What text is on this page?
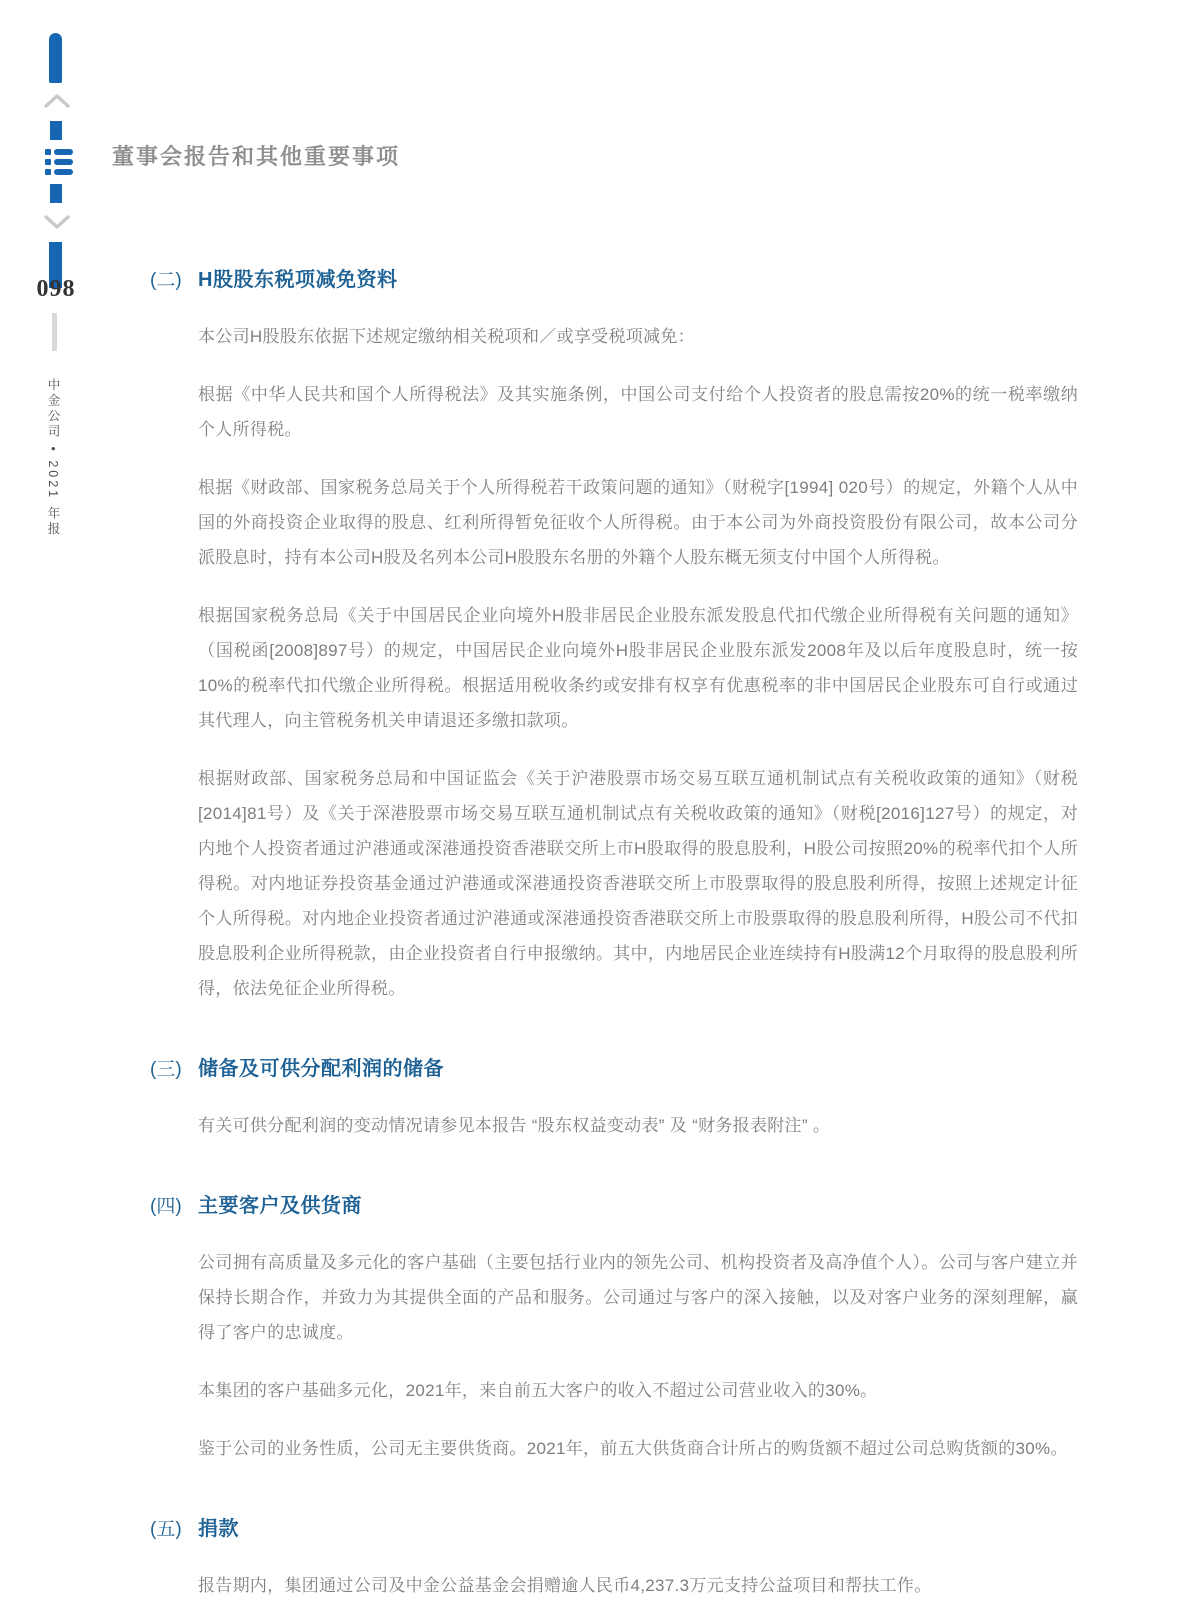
098
中金公司 • 2021 年报
董事会报告和其他重要事项
(二) H股股东税项减免资料

本公司H股股东依据下述规定缴纳相关税项和／或享受税项减免：

根据《中华人民共和国个人所得税法》及其实施条例，中国公司支付给个人投资者的股息需按20%的统一税率缴纳个人所得税。

根据《财政部、国家税务总局关于个人所得税若干政策问题的通知》（财税字[1994] 020号）的规定，外籍个人从中国的外商投资企业取得的股息、红利所得暂免征收个人所得税。由于本公司为外商投资股份有限公司，故本公司分派股息时，持有本公司H股及名列本公司H股股东名册的外籍个人股东概无须支付中国个人所得税。

根据国家税务总局《关于中国居民企业向境外H股非居民企业股东派发股息代扣代缴企业所得税有关问题的通知》（国税函[2008]897号）的规定，中国居民企业向境外H股非居民企业股东派发2008年及以后年度股息时，统一按10%的税率代扣代缴企业所得税。根据适用税收条约或安排有权享有优惠税率的非中国居民企业股东可自行或通过其代理人，向主管税务机关申请退还多缴扣款项。

根据财政部、国家税务总局和中国证监会《关于沪港股票市场交易互联互通机制试点有关税收政策的通知》（财税[2014]81号）及《关于深港股票市场交易互联互通机制试点有关税收政策的通知》（财税[2016]127号）的规定，对内地个人投资者通过沪港通或深港通投资香港联交所上市H股取得的股息股利，H股公司按照20%的税率代扣个人所得税。对内地证券投资基金通过沪港通或深港通投资香港联交所上市股票取得的股息股利所得，按照上述规定计征个人所得税。对内地企业投资者通过沪港通或深港通投资香港联交所上市股票取得的股息股利所得，H股公司不代扣股息股利企业所得税款，由企业投资者自行申报缴纳。其中，内地居民企业连续持有H股满12个月取得的股息股利所得，依法免征企业所得税。

(三) 储备及可供分配利润的储备

有关可供分配利润的变动情况请参见本报告 “股东权益变动表” 及 “财务报表附注” 。

(四) 主要客户及供货商

公司拥有高质量及多元化的客户基础（主要包括行业内的领先公司、机构投资者及高净值个人）。公司与客户建立并保持长期合作，并致力为其提供全面的产品和服务。公司通过与客户的深入接触，以及对客户业务的深刻理解，赢得了客户的忠诚度。

本集团的客户基础多元化，2021年，来自前五大客户的收入不超过公司营业收入的30%。

鉴于公司的业务性质，公司无主要供货商。2021年，前五大供货商合计所占的购货额不超过公司总购货额的30%。

(五) 捐款

报告期内，集团通过公司及中金公益基金会捐赠逾人民币4,237.3万元支持公益项目和帮扶工作。
